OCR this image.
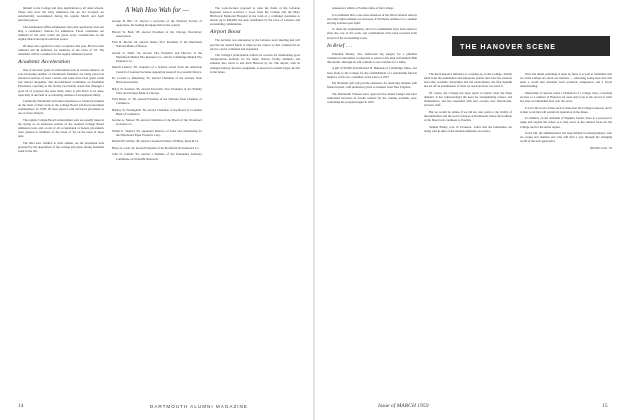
himself to the College and drop applications to all other schools. Those who have the early admission but are not accepted are automatically reconsidered during the regular March and April selection period.

The Admissions Office emphasizes that early application does not help a candidate's chances for admission. Those candidates not admitted in the early round are given every consideration in the regular March and April selection period.

Of those who applied for early acceptance this year, 86 have been admitted and 46 definitely for members of the Class of '63. The remainder will be considered in the regular admission period.

Academic Acceleration

One of the basic goals of achievement tests in various subjects, an ever-increasing number of Dartmouth freshmen are being placed in advanced sections of basic courses and some have been given credit and waived altogether. The Reconsidered Committee on Freshman Placement, reporting to the faculty last month, stated that although a good bit of progress has been made, there is still much to be done, especially in the field of accelerating students of exceptional ability.

Commonly Dartmouth welcomes experience or advanced students on the basis of their work in the College Board advanced placement examinations. In 1958, 28 men entered with advanced placement in one or more subjects.

The regular College Board Achievement tests are usually taken in the spring as an afternoon session of the required College Board admission tests, and a total of all occupational or honors placements were granted to members of the Class of '62 on the basis of these tests.

The third area, familiar to most alumni, are the placement tests prepared by the department of the College and given during freshman week in the fall.

A Wah Hoo Wah for —
George H. Bitt '15, elected a Governor of the National Society of Appraisers, the leading mortgage man in the country.
Harold W. Bark '28, elected President of the Chicago Executives' Association.
Fred R. Morris '24, elected Senior Vice President of the Merchants National Bank of Boston.
Gerald O. Stutts '24, elected Vice President and Director of the Merrimack Mutual Fire Insurance Co. and the Cambridge Mutual Fire Insurance Co.
Merrill Lathrop '28, recipient of a Science award from the American Council of Learned Societies supporting research in economic history.
Dr. Lowell G. Rutenberg '35, elected Chairman of the Arizona State Heart Association.
Harry N. Korman '36, elected Executive Vice President of the Fidelity Trust and Savings Bank in Chicago.
Fred Deeds, Jr. '39, elected President of the Vermont State Chamber of Commerce.
Hartley W. Nottingham '39, elected Chairman of the Board of Cornelius Bank of Commerce.
Jerome A. Nelson '38, elected Chairman of the Board of the Woodward Governor Co.
Walter E. Sanford '39, appointed Director of Sales and Advertising for the Fibreboard Paper Products Corp.
Richard H. Grilley '40, elected a General Partner of Dillon, Read & Co.
Bruce A. Cady '42, elected President of the Hartford Life Insurance Co.
John N. Calkins '43, elected a member of the President's Advisory Committee on Scientific Research.

The work-focused proposal to raise the funds of the Lebanon Regional Airport received a boost from the College and the Mary Hitchcock Memorial Hospital in the form of a combined guarantee to match, up to $40,000, the sum contributed by the town of Lebanon and surrounding communities.

Airport Boost

The decision was announced at the Lebanon town meeting and will provide the needed funds to improve the airport so that commercial air service can be continued and expanded.

The College's participation reflects its concern for maintaining good transportation facilities for the many visitors, faculty members and students who travel to and from Hanover by air. The airport, with its enlarged runway and new equipment, is expected to handle larger aircraft in the future.

14	DARTMOUTH ALUMNI MAGAZINE

announcers within a 25-mile radius of the College.

It is estimated that a one-class extension of the West Lebanon runway and other improvements are necessary if Northeast Airlines is to continue serving Lebanon past April.

To meet the requirements, all local communities have been asked to share the cost of the work, and contributions have been received from several of the surrounding towns.

In Brief . . .

President Dickey, who underwent leg surgery for a phlebitis condition in December, is expected to return to his desk in Parkhurst Hall this month, although he will continue to use crutches for a while.

A gift of $5,000 from Richard H. Hollands of Cambridge, Mass., has been made to the College for the establishment of a scholarship fund in memory of his son, a member of the Class of 1953.

Mr. Hollands' gift will provide assistance for deserving students with financial need, with preference given to students from New England.

The Dartmouth Trustees have approved the annual budget and have authorized increases in faculty salaries for the coming academic year, continuing the program begun in 1955.

THE HANOVER SCENE

The Rock Report's influence is creeping up on the College. Totally aside from the sentimental and unpopular attacks that were the sciences and other academic disciplines and the environment, the first Sputnik has set off an examination of what we teach and how we teach it.

Of course, the College has been quick to realize what the times demand. It has acknowledged the need for strengthening science and mathematics, and has responded with new courses, new laboratories, and new staff.

But we would be remiss if we did not also point to the vitality of the humanities and the social sciences at Dartmouth, where the tradition of the liberal arts continues to flourish.

Samuel Bailey, now in Evanston, writes that the humanities are doing well in spite of the modern emphasis on science.

Once the initial panicking is done by fund, it is well to remember that we at the College are about our business — educating young men who will enter a world that demands both technical competence and a broad understanding.

Meanwhile, if anyone wants a tabulation of a college class, a teaching section, or a seminar in Hanover, he need only look at the record of what has been accomplished here over the years.

It is for the work of men such as these that the College is known, and it is their work that will sustain its reputation in the future.

In addition, on the demands of Hopkins Center, there is a proposal to equip and expand the center so it may serve as the cultural focus for the College and for the entire region.

In the fall, the administration has been limited in undergraduates, who are young and resilient and who will find a way through the changing world of the next generation.

Bill McCarter '59
Issue of MARCH 1959	15
